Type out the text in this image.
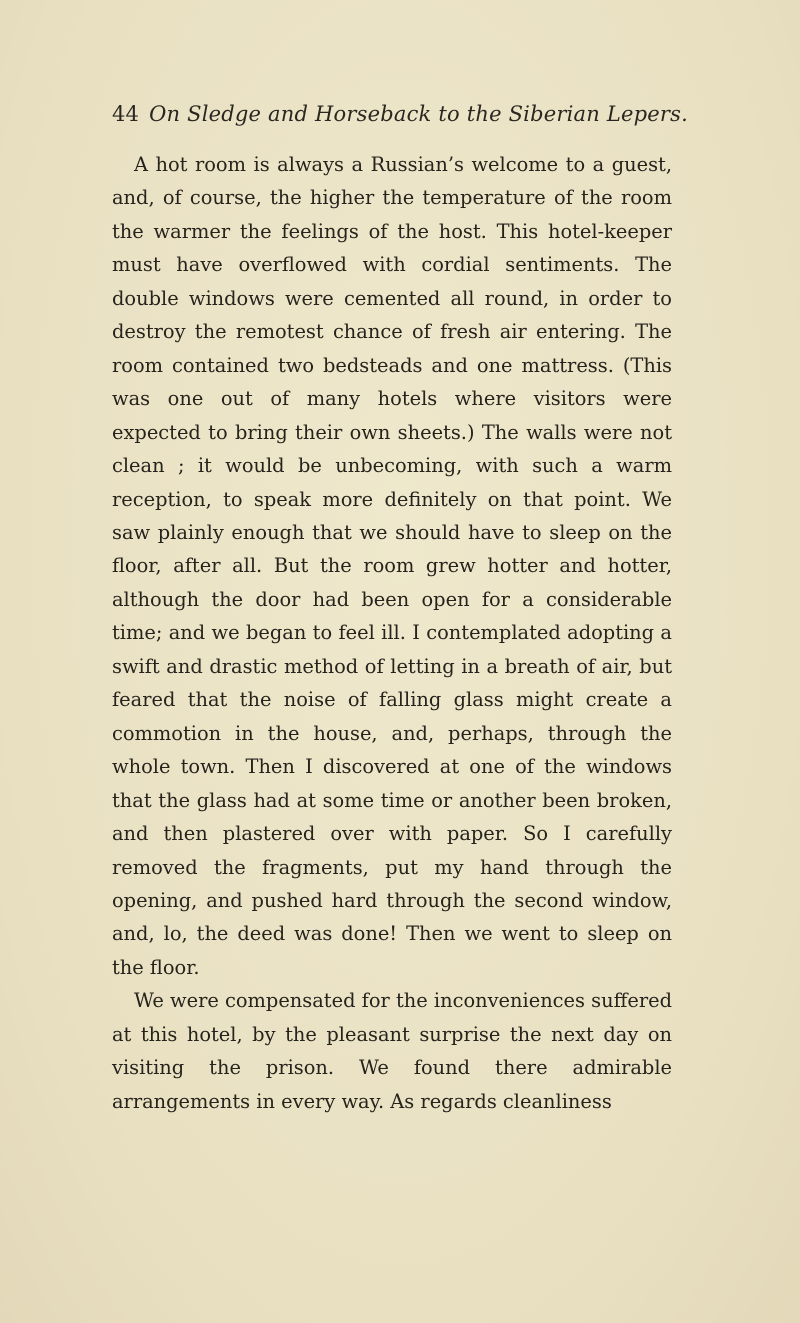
44 On Sledge and Horseback to the Siberian Lepers.

A hot room is always a Russian’s welcome to a guest, and, of course, the higher the temperature of the room the warmer the feelings of the host. This hotel-keeper must have overflowed with cordial sentiments. The double windows were cemented all round, in order to destroy the remotest chance of fresh air entering. The room contained two bedsteads and one mattress. (This was one out of many hotels where visitors were expected to bring their own sheets.) The walls were not clean ; it would be unbecoming, with such a warm reception, to speak more definitely on that point. We saw plainly enough that we should have to sleep on the floor, after all. But the room grew hotter and hotter, although the door had been open for a considerable time; and we began to feel ill. I contemplated adopting a swift and drastic method of letting in a breath of air, but feared that the noise of falling glass might create a commotion in the house, and, perhaps, through the whole town. Then I discovered at one of the windows that the glass had at some time or another been broken, and then plastered over with paper. So I carefully removed the fragments, put my hand through the opening, and pushed hard through the second window, and, lo, the deed was done! Then we went to sleep on the floor.

We were compensated for the inconveniences suffered at this hotel, by the pleasant surprise the next day on visiting the prison. We found there admirable arrangements in every way. As regards cleanliness
